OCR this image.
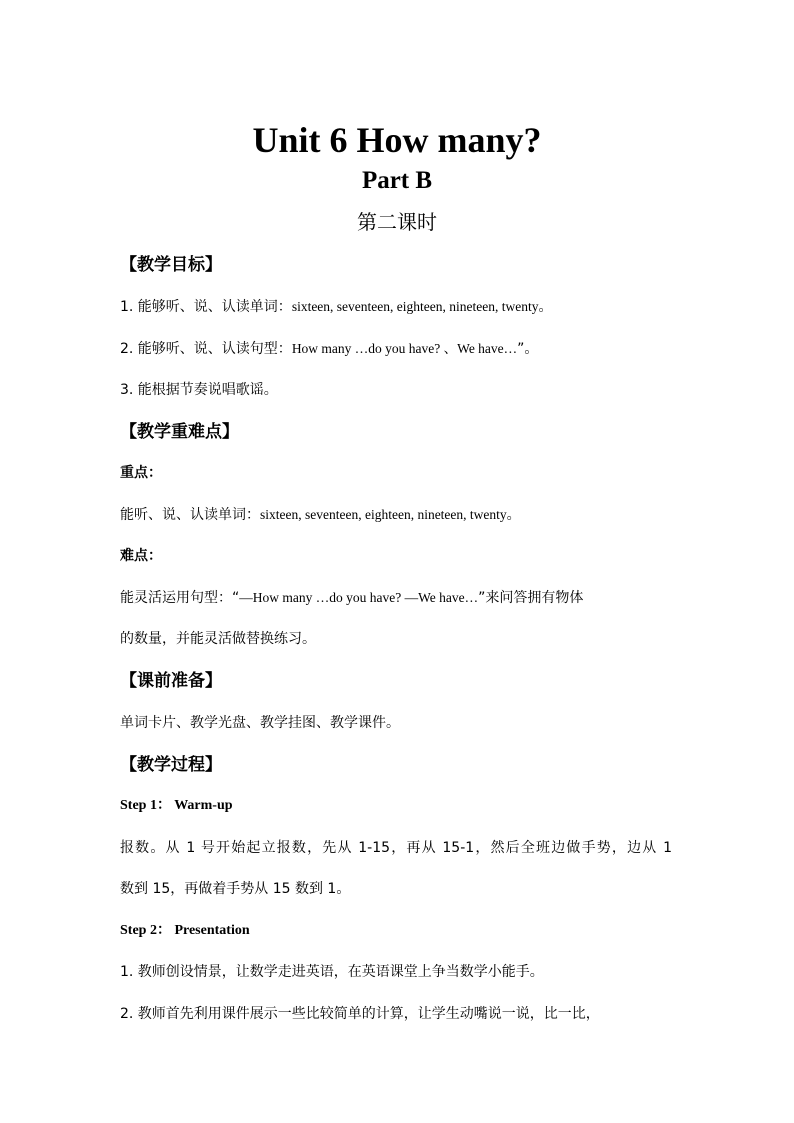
Unit 6 How many?
Part B
第二课时
【教学目标】
1. 能够听、说、认读单词：sixteen, seventeen, eighteen, nineteen, twenty。
2. 能够听、说、认读句型：How many …do you have? 、We have…”。
3. 能根据节奏说唱歌谣。
【教学重难点】
重点：
能听、说、认读单词：sixteen, seventeen, eighteen, nineteen, twenty。
难点：
能灵活运用句型：“—How many …do you have? —We have…”来问答拥有物体
的数量，并能灵活做替换练习。
【课前准备】
单词卡片、教学光盘、教学挂图、教学课件。
【教学过程】
Step 1： Warm-up
报数。从 1 号开始起立报数，先从 1-15，再从 15-1，然后全班边做手势，边从 1
数到 15，再做着手势从 15 数到 1。
Step 2： Presentation
1. 教师创设情景，让数学走进英语，在英语课堂上争当数学小能手。
2. 教师首先利用课件展示一些比较简单的计算，让学生动嘴说一说，比一比，
